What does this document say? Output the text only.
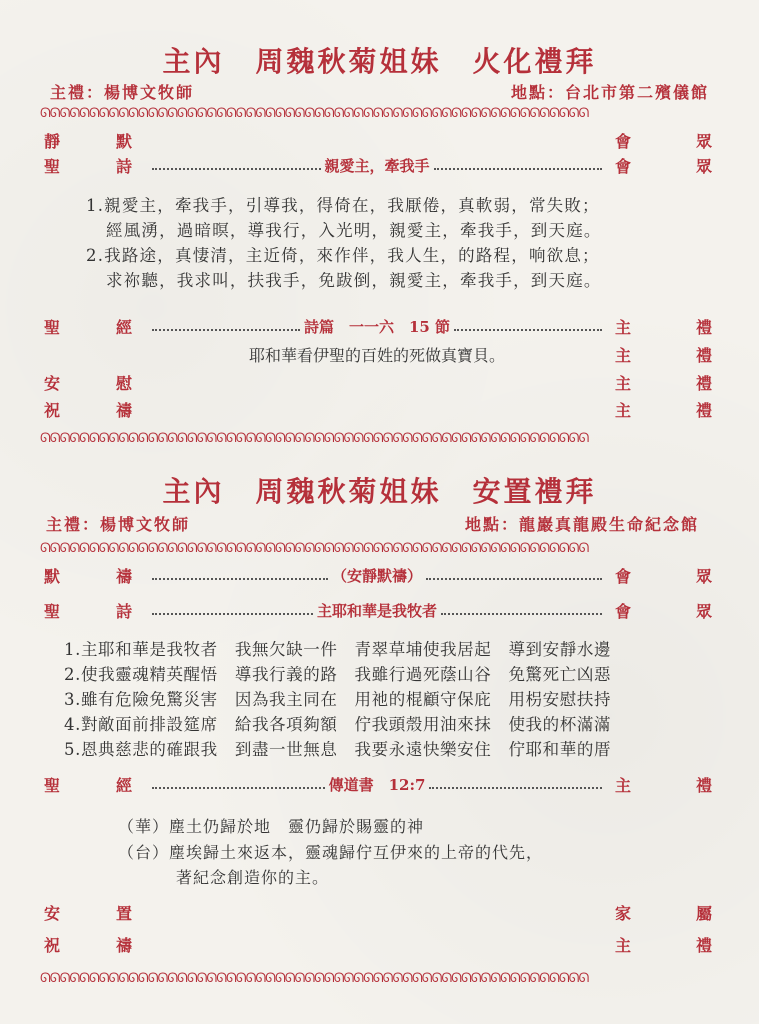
主內　周魏秋菊姐妹　火化禮拜
主禮：楊博文牧師	地點：台北市第二殯儀館
ᘏᘏᘏᘏᘏᘏᘏᘏᘏᘏᘏᘏᘏᘏᘏᘏᘏᘏᘏᘏᘏᘏᘏᘏᘏᘏᘏᘏᘏᘏᘏᘏᘏᘏᘏᘏᘏᘏᘏᘏᘏᘏᘏᘏᘏᘏᘏᘏᘏᘏᘏᘏᘏᘏᘏᘏ
靜	默	會	眾
聖	詩	親愛主，牽我手	會	眾
1.親愛主，牽我手，引導我，得倚在，我厭倦，真軟弱，常失敗；
經風湧，過暗暝，導我行，入光明，親愛主，牽我手，到天庭。
2.我路途，真悽清，主近倚，來作伴，我人生，的路程，响欲息；
求祢聽，我求叫，扶我手，免跋倒，親愛主，牽我手，到天庭。
聖	經	詩篇　一一六　15 節	主	禮
耶和華看伊聖的百姓的死做真寶貝。	主	禮
安	慰	主	禮
祝	禱	主	禮
ᘏᘏᘏᘏᘏᘏᘏᘏᘏᘏᘏᘏᘏᘏᘏᘏᘏᘏᘏᘏᘏᘏᘏᘏᘏᘏᘏᘏᘏᘏᘏᘏᘏᘏᘏᘏᘏᘏᘏᘏᘏᘏᘏᘏᘏᘏᘏᘏᘏᘏᘏᘏᘏᘏᘏᘏ
主內　周魏秋菊姐妹　安置禮拜
主禮：楊博文牧師	地點：龍巖真龍殿生命紀念館
ᘏᘏᘏᘏᘏᘏᘏᘏᘏᘏᘏᘏᘏᘏᘏᘏᘏᘏᘏᘏᘏᘏᘏᘏᘏᘏᘏᘏᘏᘏᘏᘏᘏᘏᘏᘏᘏᘏᘏᘏᘏᘏᘏᘏᘏᘏᘏᘏᘏᘏᘏᘏᘏᘏᘏᘏ
默	禱	（安靜默禱）	會	眾
聖	詩	主耶和華是我牧者	會	眾
1.主耶和華是我牧者　我無欠缺一件　青翠草埔使我居起　導到安靜水邊
2.使我靈魂精英醒悟　導我行義的路　我雖行過死蔭山谷　免驚死亡凶惡
3.雖有危險免驚災害　因為我主同在　用祂的棍顧守保庇　用枴安慰扶持
4.對敵面前排設筵席　給我各項夠額　佇我頭殼用油來抹　使我的杯滿滿
5.恩典慈悲的確跟我　到盡一世無息　我要永遠快樂安住　佇耶和華的厝
聖	經	傳道書　12:7	主	禮
（華）塵土仍歸於地　靈仍歸於賜靈的神
（台）塵埃歸土來返本，靈魂歸佇互伊來的上帝的代先，
著紀念創造你的主。
安	置	家	屬
祝	禱	主	禮
ᘏᘏᘏᘏᘏᘏᘏᘏᘏᘏᘏᘏᘏᘏᘏᘏᘏᘏᘏᘏᘏᘏᘏᘏᘏᘏᘏᘏᘏᘏᘏᘏᘏᘏᘏᘏᘏᘏᘏᘏᘏᘏᘏᘏᘏᘏᘏᘏᘏᘏᘏᘏᘏᘏᘏᘏ
